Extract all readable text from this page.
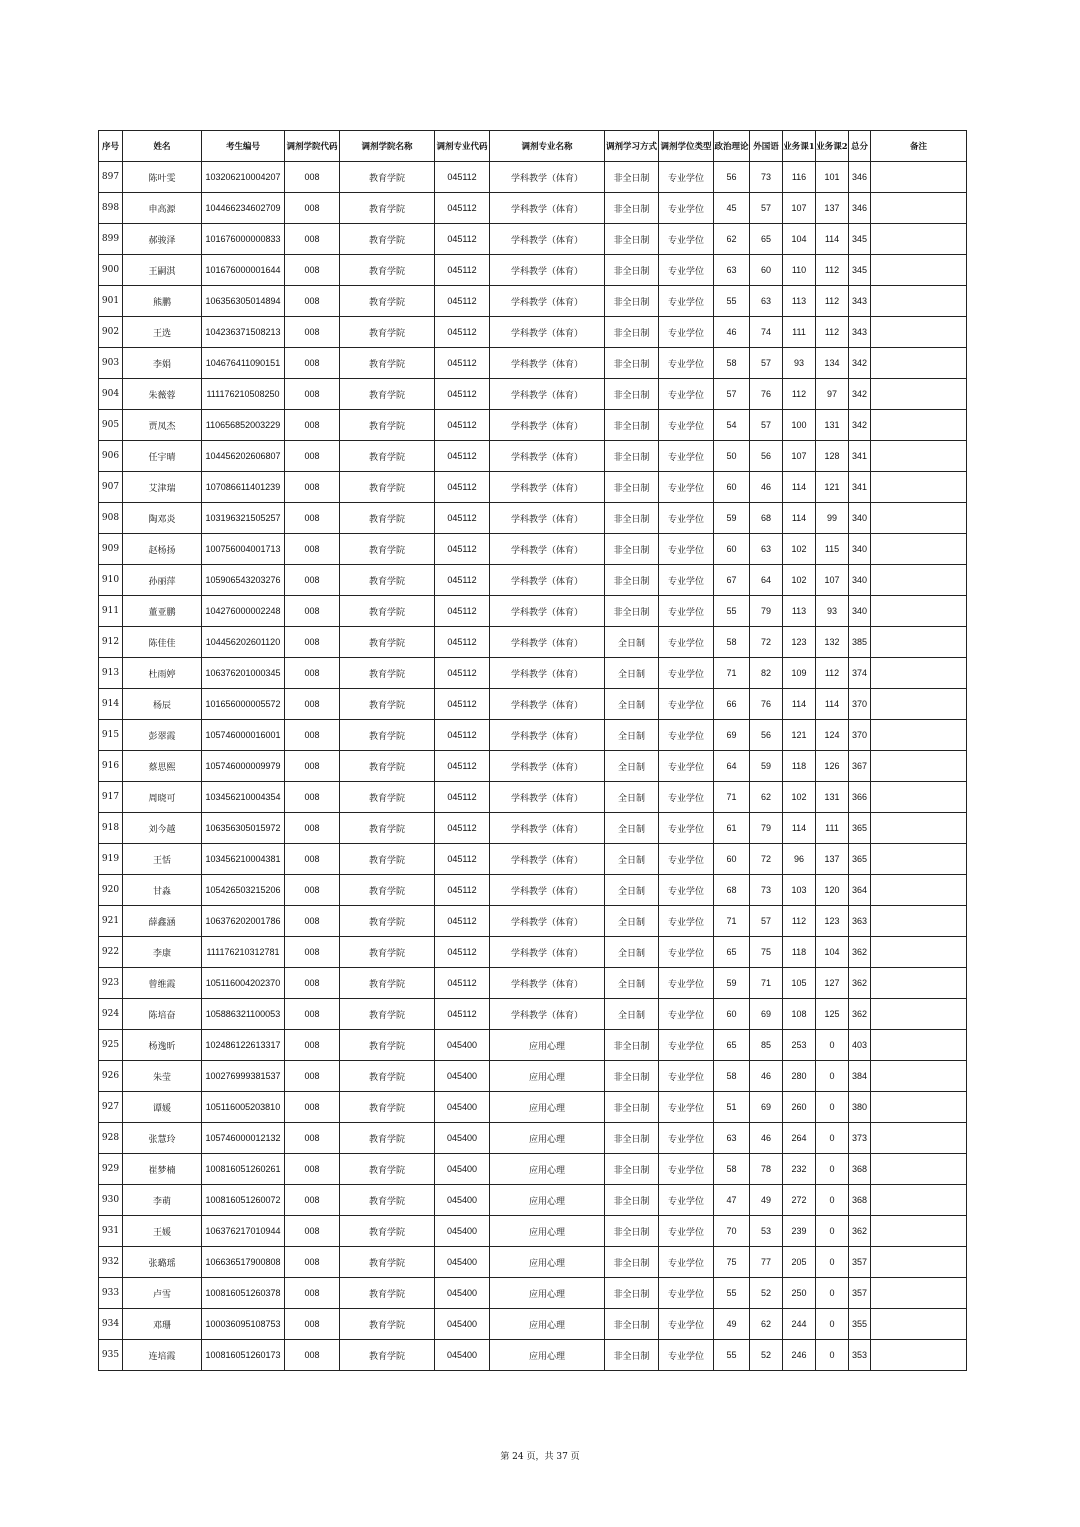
序号	姓名	考生编号	调剂学院代码	调剂学院名称	调剂专业代码	调剂专业名称	调剂学习方式	调剂学位类型	政治理论	外国语	业务课1	业务课2	总分	备注
897	陈叶雯	103206210004207	008	教育学院	045112	学科教学（体育）	非全日制	专业学位	56	73	116	101	346	
898	申高源	104466234602709	008	教育学院	045112	学科教学（体育）	非全日制	专业学位	45	57	107	137	346	
899	郝骏泽	101676000000833	008	教育学院	045112	学科教学（体育）	非全日制	专业学位	62	65	104	114	345	
900	王嗣淇	101676000001644	008	教育学院	045112	学科教学（体育）	非全日制	专业学位	63	60	110	112	345	
901	熊鹏	106356305014894	008	教育学院	045112	学科教学（体育）	非全日制	专业学位	55	63	113	112	343	
902	王选	104236371508213	008	教育学院	045112	学科教学（体育）	非全日制	专业学位	46	74	111	112	343	
903	李娟	104676411090151	008	教育学院	045112	学科教学（体育）	非全日制	专业学位	58	57	93	134	342	
904	朱薇蓉	111176210508250	008	教育学院	045112	学科教学（体育）	非全日制	专业学位	57	76	112	97	342	
905	贾凤杰	110656852003229	008	教育学院	045112	学科教学（体育）	非全日制	专业学位	54	57	100	131	342	
906	任宇晴	104456202606807	008	教育学院	045112	学科教学（体育）	非全日制	专业学位	50	56	107	128	341	
907	艾津瑞	107086611401239	008	教育学院	045112	学科教学（体育）	非全日制	专业学位	60	46	114	121	341	
908	陶邓炎	103196321505257	008	教育学院	045112	学科教学（体育）	非全日制	专业学位	59	68	114	99	340	
909	赵杨扬	100756004001713	008	教育学院	045112	学科教学（体育）	非全日制	专业学位	60	63	102	115	340	
910	孙丽萍	105906543203276	008	教育学院	045112	学科教学（体育）	非全日制	专业学位	67	64	102	107	340	
911	董亚鹏	104276000002248	008	教育学院	045112	学科教学（体育）	非全日制	专业学位	55	79	113	93	340	
912	陈佳佳	104456202601120	008	教育学院	045112	学科教学（体育）	全日制	专业学位	58	72	123	132	385	
913	杜雨婷	106376201000345	008	教育学院	045112	学科教学（体育）	全日制	专业学位	71	82	109	112	374	
914	杨辰	101656000005572	008	教育学院	045112	学科教学（体育）	全日制	专业学位	66	76	114	114	370	
915	彭翠霞	105746000016001	008	教育学院	045112	学科教学（体育）	全日制	专业学位	69	56	121	124	370	
916	蔡思熙	105746000009979	008	教育学院	045112	学科教学（体育）	全日制	专业学位	64	59	118	126	367	
917	周晓可	103456210004354	008	教育学院	045112	学科教学（体育）	全日制	专业学位	71	62	102	131	366	
918	刘今越	106356305015972	008	教育学院	045112	学科教学（体育）	全日制	专业学位	61	79	114	111	365	
919	王恬	103456210004381	008	教育学院	045112	学科教学（体育）	全日制	专业学位	60	72	96	137	365	
920	甘淼	105426503215206	008	教育学院	045112	学科教学（体育）	全日制	专业学位	68	73	103	120	364	
921	薛鑫涵	106376202001786	008	教育学院	045112	学科教学（体育）	全日制	专业学位	71	57	112	123	363	
922	李康	111176210312781	008	教育学院	045112	学科教学（体育）	全日制	专业学位	65	75	118	104	362	
923	曾维霞	105116004202370	008	教育学院	045112	学科教学（体育）	全日制	专业学位	59	71	105	127	362	
924	陈培奋	105886321100053	008	教育学院	045112	学科教学（体育）	全日制	专业学位	60	69	108	125	362	
925	杨逸昕	102486122613317	008	教育学院	045400	应用心理	非全日制	专业学位	65	85	253	0	403	
926	朱莹	100276999381537	008	教育学院	045400	应用心理	非全日制	专业学位	58	46	280	0	384	
927	谭媛	105116005203810	008	教育学院	045400	应用心理	非全日制	专业学位	51	69	260	0	380	
928	张慧玲	105746000012132	008	教育学院	045400	应用心理	非全日制	专业学位	63	46	264	0	373	
929	崔梦楠	100816051260261	008	教育学院	045400	应用心理	非全日制	专业学位	58	78	232	0	368	
930	李萌	100816051260072	008	教育学院	045400	应用心理	非全日制	专业学位	47	49	272	0	368	
931	王媛	106376217010944	008	教育学院	045400	应用心理	非全日制	专业学位	70	53	239	0	362	
932	张璐瑶	106636517900808	008	教育学院	045400	应用心理	非全日制	专业学位	75	77	205	0	357	
933	卢雪	100816051260378	008	教育学院	045400	应用心理	非全日制	专业学位	55	52	250	0	357	
934	邓珊	100036095108753	008	教育学院	045400	应用心理	非全日制	专业学位	49	62	244	0	355	
935	连培霞	100816051260173	008	教育学院	045400	应用心理	非全日制	专业学位	55	52	246	0	353	
第 24 页，共 37 页
